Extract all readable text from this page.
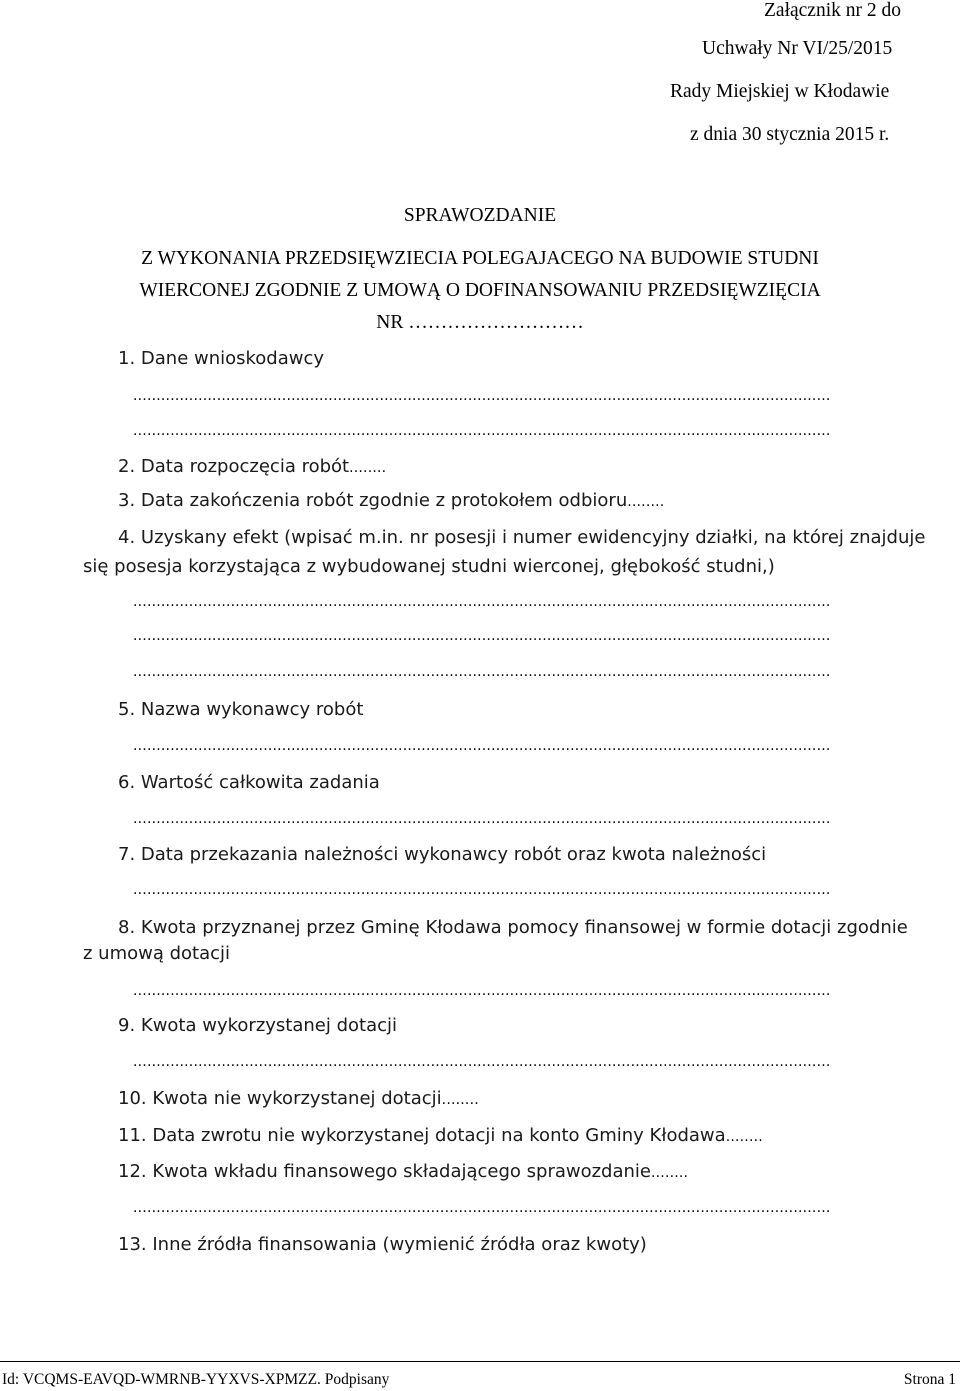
Załącznik nr 2 do
Uchwały Nr VI/25/2015
Rady Miejskiej w Kłodawie
z dnia 30 stycznia 2015 r.
SPRAWOZDANIE
Z WYKONANIA PRZEDSIĘWZIECIA POLEGAJACEGO NA BUDOWIE STUDNI
WIERCONEJ ZGODNIE Z UMOWĄ O DOFINANSOWANIU PRZEDSIĘWZIĘCIA
NR ………………………
1. Dane wnioskodawcy
......................................................................................................................................................
......................................................................................................................................................
2. Data rozpoczęcia robót........
3. Data zakończenia robót zgodnie z protokołem odbioru........
4. Uzyskany efekt (wpisać m.in. nr posesji i numer ewidencyjny działki, na której znajduje
się posesja korzystająca z wybudowanej studni wierconej, głębokość studni,)
......................................................................................................................................................
......................................................................................................................................................
......................................................................................................................................................
5. Nazwa wykonawcy robót
......................................................................................................................................................
6. Wartość całkowita zadania
......................................................................................................................................................
7. Data przekazania należności wykonawcy robót oraz kwota należności
......................................................................................................................................................
8. Kwota przyznanej przez Gminę Kłodawa pomocy finansowej w formie dotacji zgodnie
z umową dotacji
......................................................................................................................................................
9. Kwota wykorzystanej dotacji
......................................................................................................................................................
10. Kwota nie wykorzystanej dotacji........
11. Data zwrotu nie wykorzystanej dotacji na konto Gminy Kłodawa........
12. Kwota wkładu finansowego składającego sprawozdanie........
......................................................................................................................................................
13. Inne źródła finansowania (wymienić źródła oraz kwoty)
Id: VCQMS-EAVQD-WMRNB-YYXVS-XPMZZ. Podpisany	Strona 1
